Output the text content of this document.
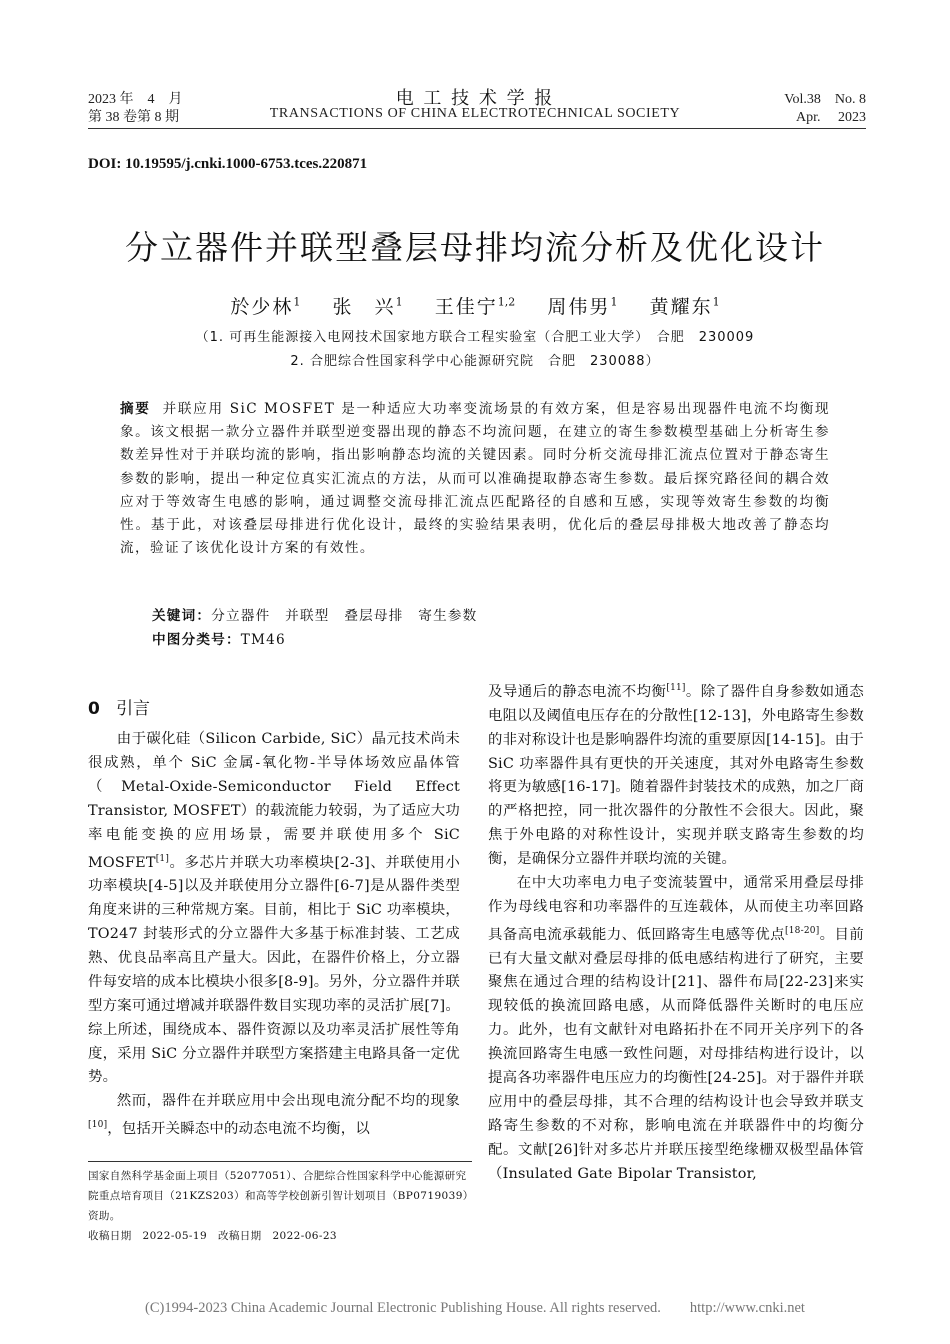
2023 年　4　月
第 38 卷第 8 期
电 工 技 术 学 报
TRANSACTIONS OF CHINA ELECTROTECHNICAL SOCIETY
Vol.38　No. 8
Apr.　 2023
DOI: 10.19595/j.cnki.1000-6753.tces.220871
分立器件并联型叠层母排均流分析及优化设计
於少林$^1$ 张　兴$^1$ 王佳宁$^{1,2}$ 周伟男$^1$ 黄耀东$^1$
（1. 可再生能源接入电网技术国家地方联合工程实验室（合肥工业大学）　合肥　230009
2. 合肥综合性国家科学中心能源研究院　合肥　230088）
摘要 并联应用 SiC MOSFET 是一种适应大功率变流场景的有效方案，但是容易出现器件电流不均衡现象。该文根据一款分立器件并联型逆变器出现的静态不均流问题，在建立的寄生参数模型基础上分析寄生参数差异性对于并联均流的影响，指出影响静态均流的关键因素。同时分析交流母排汇流点位置对于静态寄生参数的影响，提出一种定位真实汇流点的方法，从而可以准确提取静态寄生参数。最后探究路径间的耦合效应对于等效寄生电感的影响，通过调整交流母排汇流点匹配路径的自感和互感，实现等效寄生参数的均衡性。基于此，对该叠层母排进行优化设计，最终的实验结果表明，优化后的叠层母排极大地改善了静态均流，验证了该优化设计方案的有效性。
关键词：分立器件　并联型　叠层母排　寄生参数
中图分类号：TM46
0 引言

由于碳化硅（Silicon Carbide, SiC）晶元技术尚未很成熟，单个 SiC 金属-氧化物-半导体场效应晶体管（Metal-Oxide-Semiconductor Field Effect Transistor, MOSFET）的载流能力较弱，为了适应大功率电能变换的应用场景，需要并联使用多个 SiC MOSFET[1]。多芯片并联大功率模块[2-3]、并联使用小功率模块[4-5]以及并联使用分立器件[6-7]是从器件类型角度来讲的三种常规方案。目前，相比于 SiC 功率模块，TO247 封装形式的分立器件大多基于标准封装、工艺成熟、优良品率高且产量大。因此，在器件价格上，分立器件每安培的成本比模块小很多[8-9]。另外，分立器件并联型方案可通过增减并联器件数目实现功率的灵活扩展[7]。综上所述，围绕成本、器件资源以及功率灵活扩展性等角度，采用 SiC 分立器件并联型方案搭建主电路具备一定优势。

然而，器件在并联应用中会出现电流分配不均的现象[10]，包括开关瞬态中的动态电流不均衡，以

及导通后的静态电流不均衡[11]。除了器件自身参数如通态电阻以及阈值电压存在的分散性[12-13]，外电路寄生参数的非对称设计也是影响器件均流的重要原因[14-15]。由于 SiC 功率器件具有更快的开关速度，其对外电路寄生参数将更为敏感[16-17]。随着器件封装技术的成熟，加之厂商的严格把控，同一批次器件的分散性不会很大。因此，聚焦于外电路的对称性设计，实现并联支路寄生参数的均衡，是确保分立器件并联均流的关键。

在中大功率电力电子变流装置中，通常采用叠层母排作为母线电容和功率器件的互连载体，从而使主功率回路具备高电流承载能力、低回路寄生电感等优点[18-20]。目前已有大量文献对叠层母排的低电感结构进行了研究，主要聚焦在通过合理的结构设计[21]、器件布局[22-23]来实现较低的换流回路电感，从而降低器件关断时的电压应力。此外，也有文献针对电路拓扑在不同开关序列下的各换流回路寄生电感一致性问题，对母排结构进行设计，以提高各功率器件电压应力的均衡性[24-25]。对于器件并联应用中的叠层母排，其不合理的结构设计也会导致并联支路寄生参数的不对称，影响电流在并联器件中的均衡分配。文献[26]针对多芯片并联压接型绝缘栅双极型晶体管（Insulated Gate Bipolar Transistor,

国家自然科学基金面上项目（52077051）、合肥综合性国家科学中心能源研究院重点培育项目（21KZS203）和高等学校创新引智计划项目（BP0719039）资助。
收稿日期　2022-05-19　改稿日期　2022-06-23
(C)1994-2023 China Academic Journal Electronic Publishing House. All rights reserved.　　http://www.cnki.net
